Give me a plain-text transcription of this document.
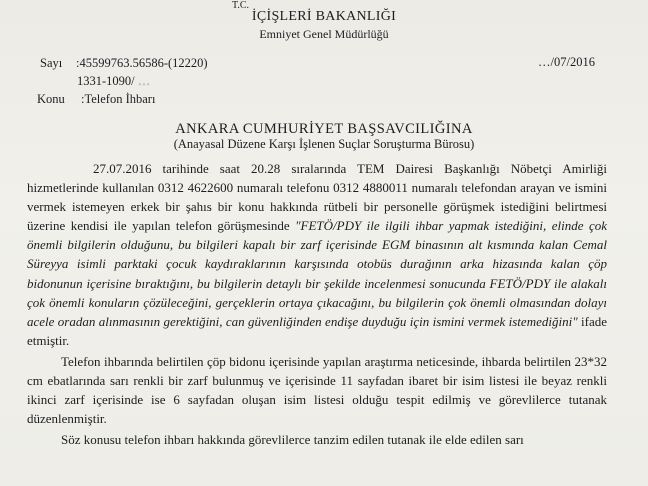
T.C.
İÇİŞLERİ BAKANLIĞI
Emniyet Genel Müdürlüğü
Sayı :45599763.56586-(12220)
1331-1090/ …
…/07/2016
Konu :Telefon İhbarı
ANKARA CUMHURİYET BAŞSAVCILIĞINA
(Anayasal Düzene Karşı İşlenen Suçlar Soruşturma Bürosu)

27.07.2016 tarihinde saat 20.28 sıralarında TEM Dairesi Başkanlığı Nöbetçi Amirliği hizmetlerinde kullanılan 0312 4622600 numaralı telefonu 0312 4880011 numaralı telefondan arayan ve ismini vermek istemeyen erkek bir şahıs bir konu hakkında rütbeli bir personelle görüşmek istediğini belirtmesi üzerine kendisi ile yapılan telefon görüşmesinde "FETÖ/PDY ile ilgili ihbar yapmak istediğini, elinde çok önemli bilgilerin olduğunu, bu bilgileri kapalı bir zarf içerisinde EGM binasının alt kısmında kalan Cemal Süreyya isimli parktaki çocuk kaydıraklarının karşısında otobüs durağının arka hizasında kalan çöp bidonunun içerisine bıraktığını, bu bilgilerin detaylı bir şekilde incelenmesi sonucunda FETÖ/PDY ile alakalı çok önemli konuların çözüleceğini, gerçeklerin ortaya çıkacağını, bu bilgilerin çok önemli olmasından dolayı acele oradan alınmasının gerektiğini, can güvenliğinden endişe duyduğu için ismini vermek istemediğini" ifade etmiştir.

Telefon ihbarında belirtilen çöp bidonu içerisinde yapılan araştırma neticesinde, ihbarda belirtilen 23*32 cm ebatlarında sarı renkli bir zarf bulunmuş ve içerisinde 11 sayfadan ibaret bir isim listesi ile beyaz renkli ikinci zarf içerisinde ise 6 sayfadan oluşan isim listesi olduğu tespit edilmiş ve görevlilerce tutanak düzenlenmiştir.

Söz konusu telefon ihbarı hakkında görevlilerce tanzim edilen tutanak ile elde edilen sarı
